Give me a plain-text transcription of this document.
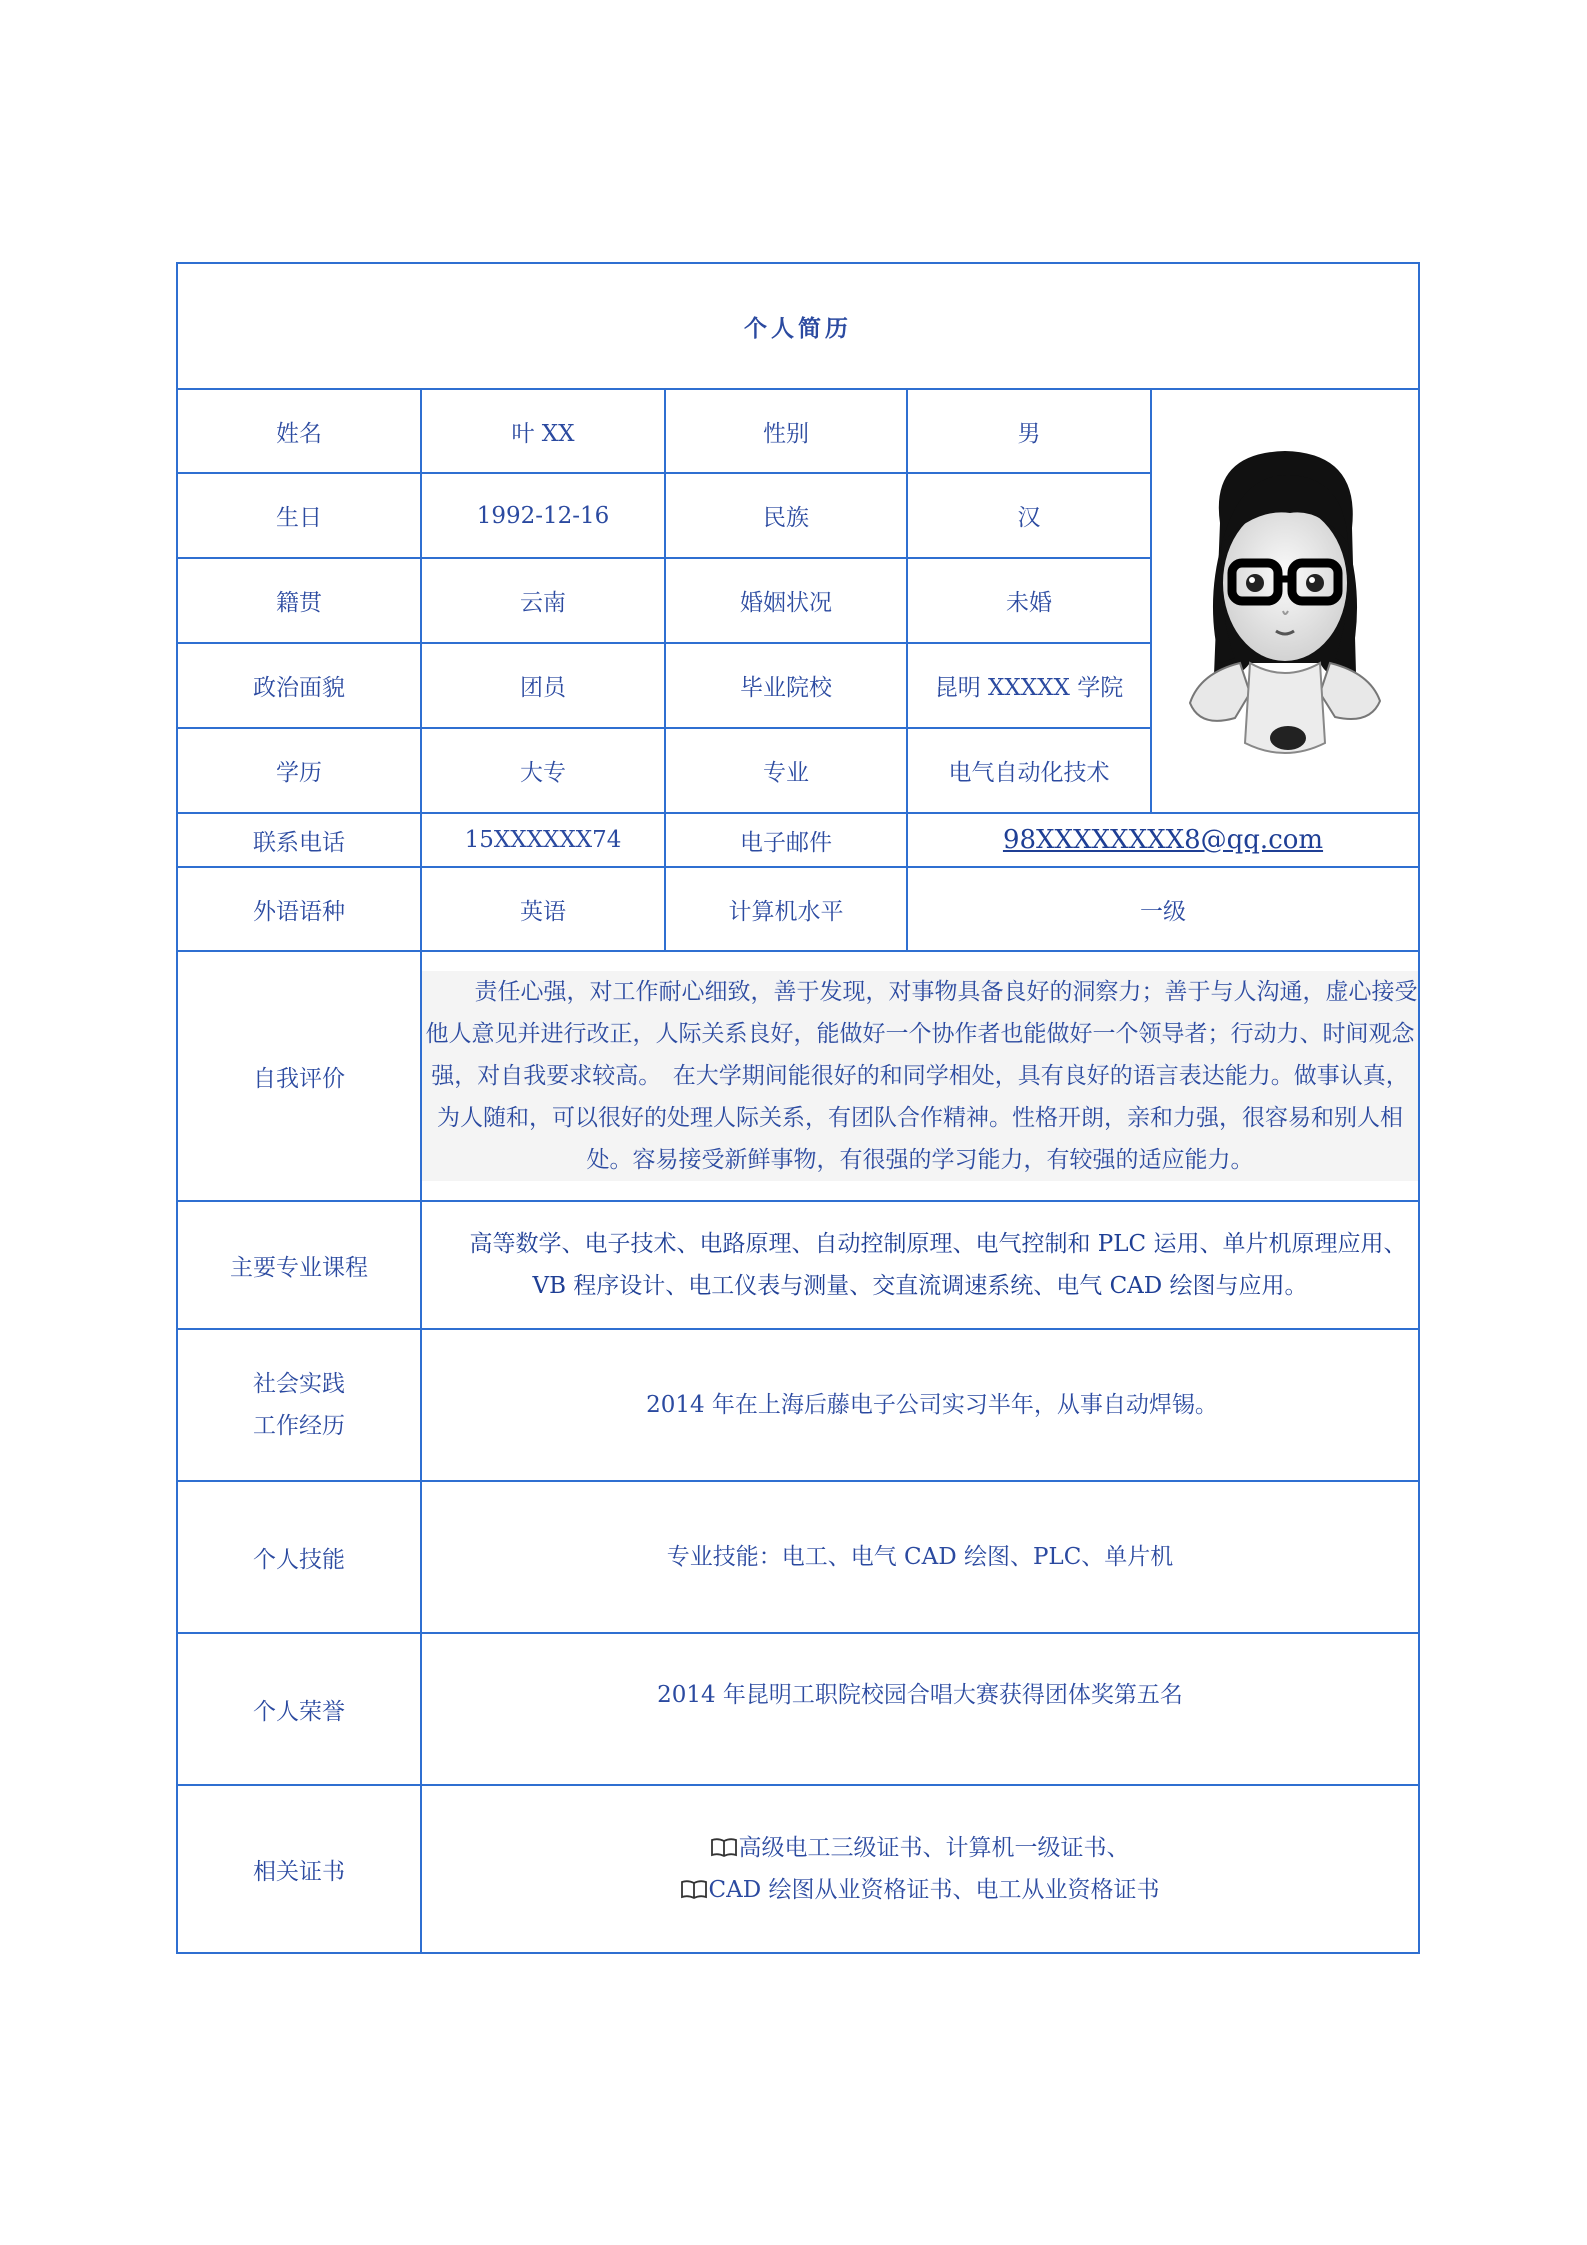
个人简历				
姓名	叶 XX	性别	男	
生日	1992-12-16	民族	汉	
籍贯	云南	婚姻状况	未婚	
政治面貌	团员	毕业院校	昆明 XXXXX 学院	
学历	大专	专业	电气自动化技术	
联系电话	15XXXXXX74	电子邮件	98XXXXXXXX8@qq.com	
外语语种	英语	计算机水平	一级	
自我评价	责任心强，对工作耐心细致，善于发现，对事物具备良好的洞察力；善于与人沟通，虚心接受他人意见并进行改正，人际关系良好，能做好一个协作者也能做好一个领导者；行动力、时间观念强，对自我要求较高。　在大学期间能很好的和同学相处，具有良好的语言表达能力。做事认真，为人随和，可以很好的处理人际关系，有团队合作精神。性格开朗，亲和力强，很容易和别人相处。容易接受新鲜事物，有很强的学习能力，有较强的适应能力。			

主要专业课程	高等数学、电子技术、电路原理、自动控制原理、电气控制和 PLC 运用、单片机原理应用、VB 程序设计、电工仪表与测量、交直流调速系统、电气 CAD 绘图与应用。			

社会实践
工作经历	2014 年在上海后藤电子公司实习半年，从事自动焊锡。			

个人技能	专业技能：电工、电气 CAD 绘图、PLC、单片机			

个人荣誉	2014 年昆明工职院校园合唱大赛获得团体奖第五名			

相关证书	高级电工三级证书、计算机一级证书、
CAD 绘图从业资格证书、电工从业资格证书			
